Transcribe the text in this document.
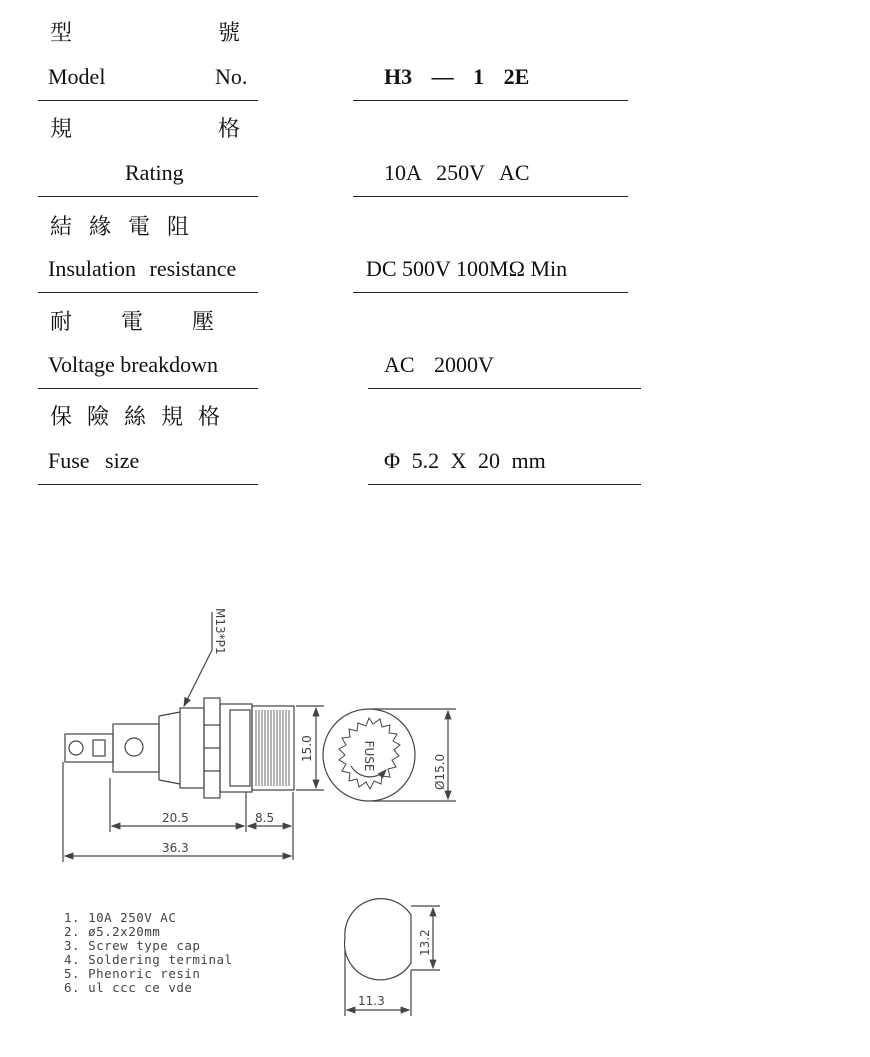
型	號
Model	No.	H3 — 1 2E
規	格
Rating	10A 250V AC
結 緣 電 阻
Insulation resistance	DC 500V 100MΩ Min
耐 電 壓
Voltage breakdown	AC 2000V
保 險 絲 規 格
Fuse size	Φ 5.2 X 20 mm
M13*P1
15.0	FUSE	Ø15.0
20.5	8.5
36.3
13.2
11.3
1. 10A 250V AC
2. ø5.2x20mm
3. Screw type cap
4. Soldering terminal
5. Phenoric resin
6. ul ccc ce vde
